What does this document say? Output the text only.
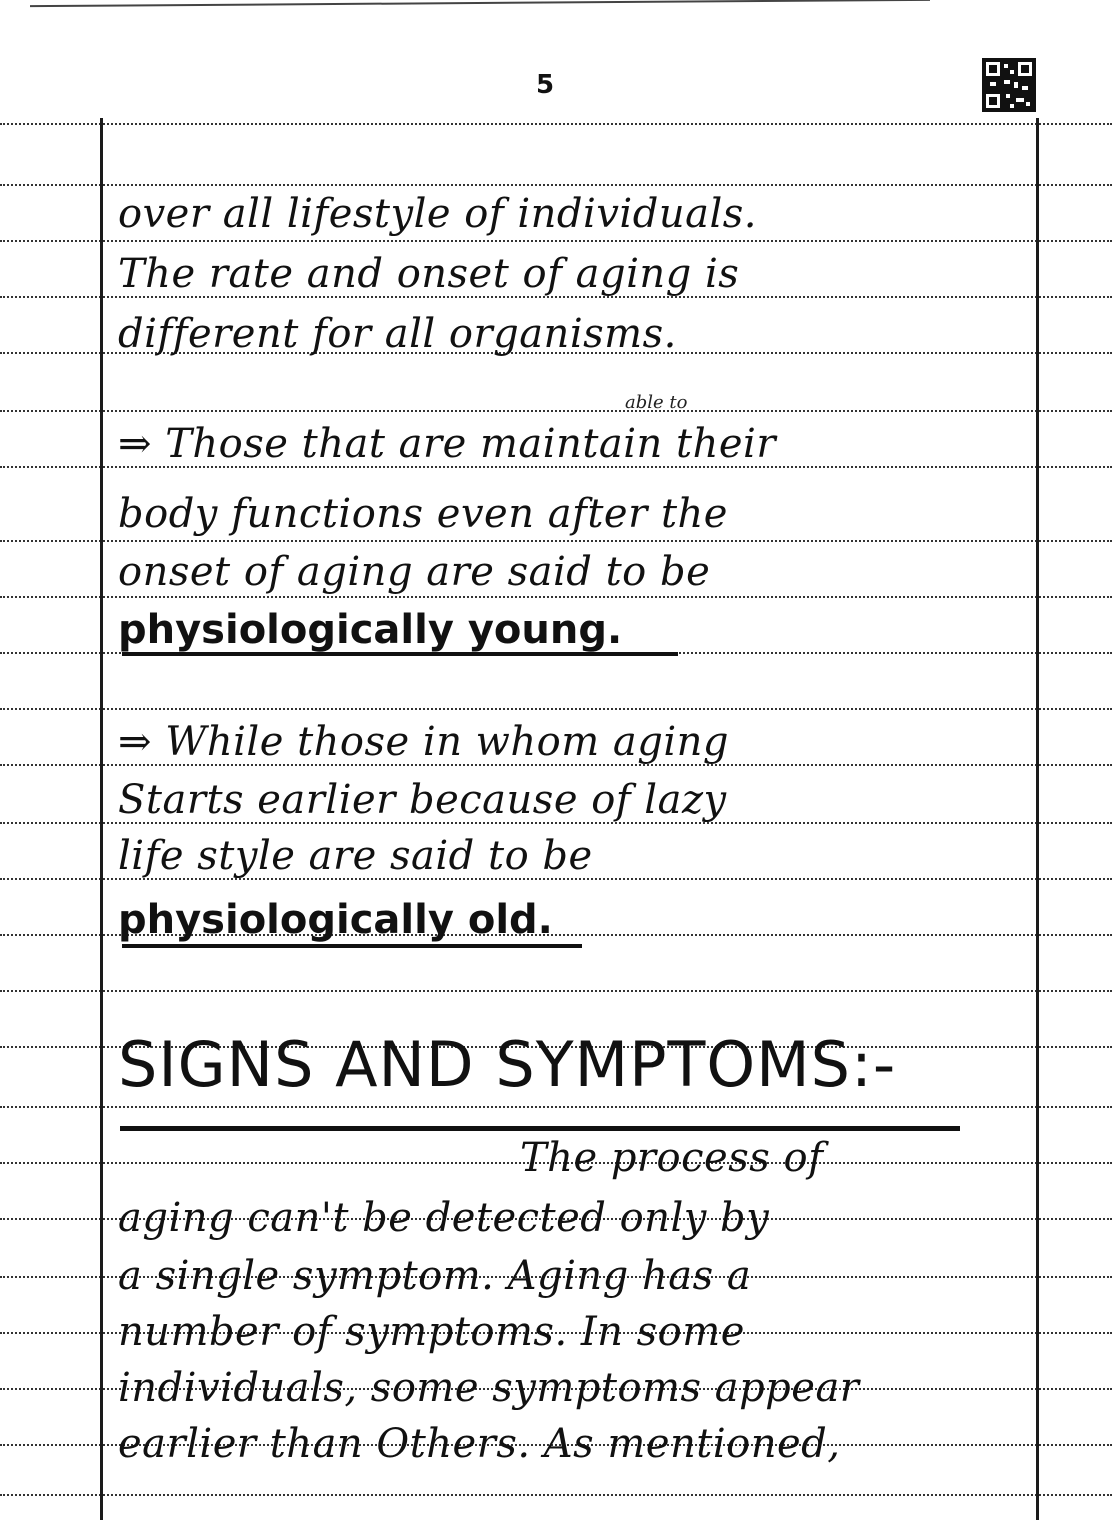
5
over all lifestyle of individuals.
The rate and onset of aging is
different for all organisms.
able to
⇒ Those that are maintain their
body functions even after the
onset of aging are said to be
physiologically young.
⇒ While those in whom aging
Starts earlier because of lazy
life style are said to be
physiologically old.
SIGNS AND SYMPTOMS:-
The process of
aging can't be detected only by
a single symptom. Aging has a
number of symptoms. In some
individuals, some symptoms appear
earlier than Others. As mentioned,
